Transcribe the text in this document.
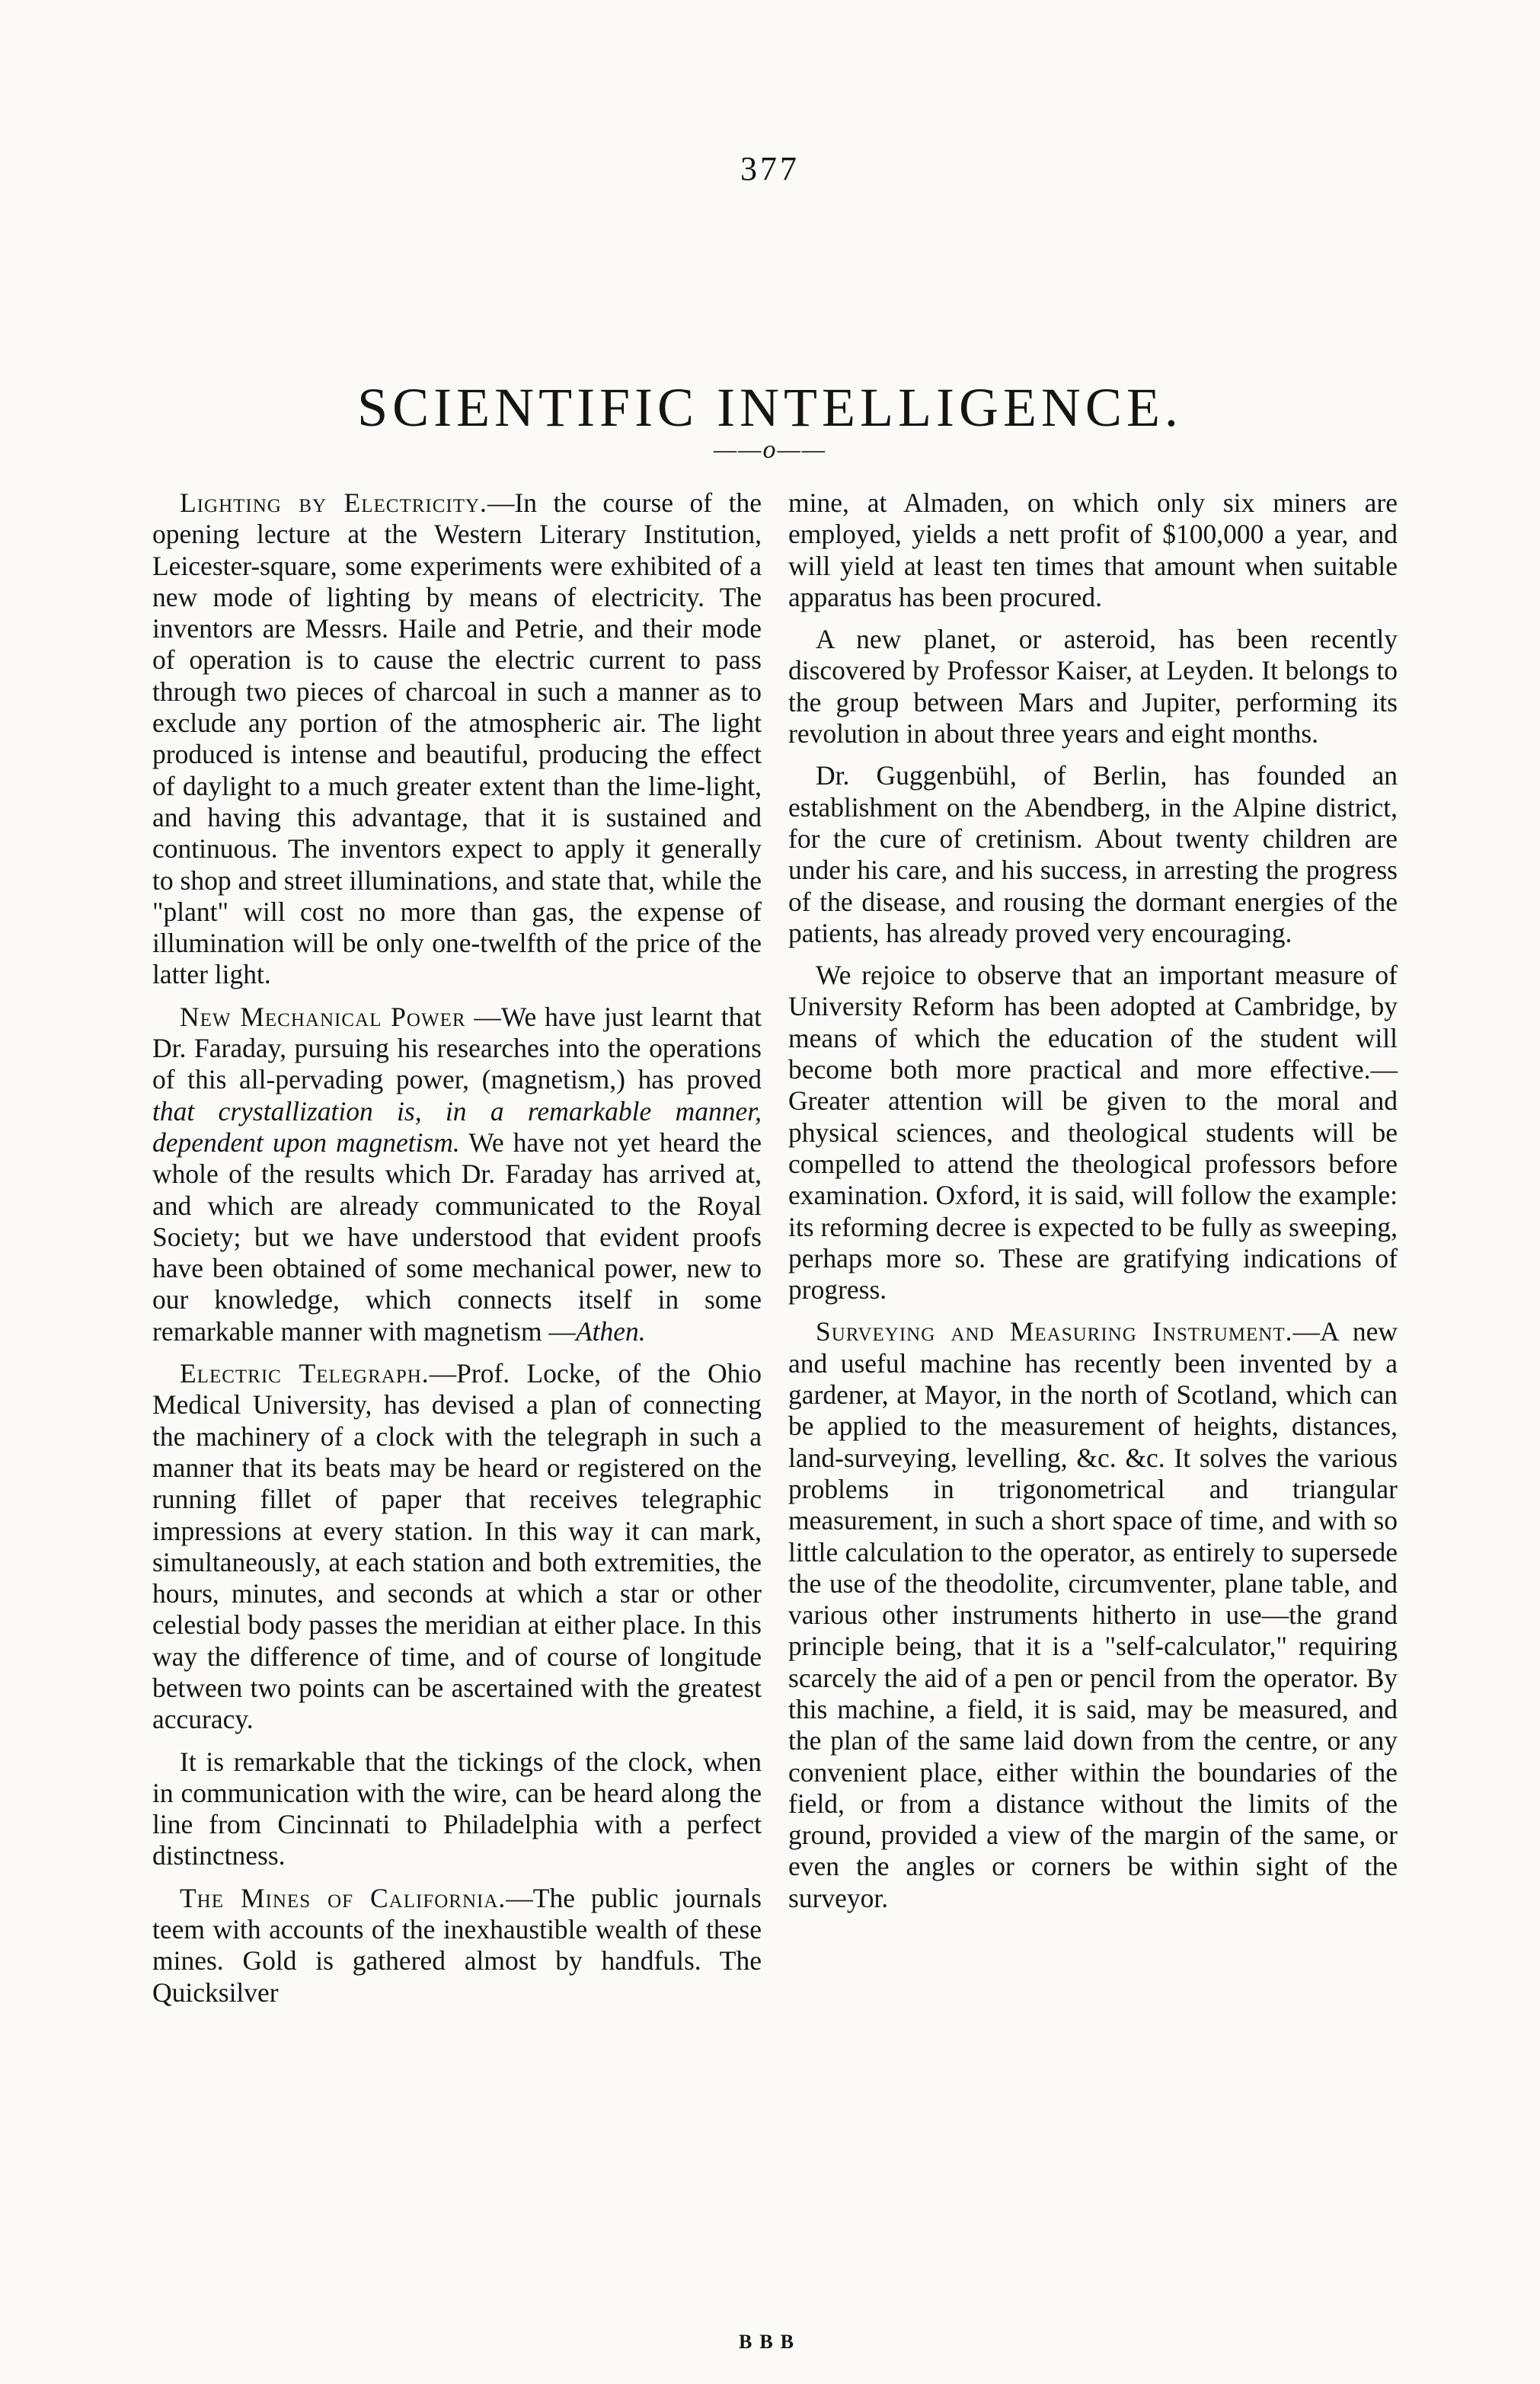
377
SCIENTIFIC INTELLIGENCE.
——o——

Lighting by Electricity.—In the course of the opening lecture at the Western Literary Institution, Leicester-square, some experiments were exhibited of a new mode of lighting by means of electricity. The inventors are Messrs. Haile and Petrie, and their mode of operation is to cause the electric current to pass through two pieces of charcoal in such a manner as to exclude any portion of the atmospheric air. The light produced is intense and beautiful, producing the effect of daylight to a much greater extent than the lime-light, and having this advantage, that it is sustained and continuous. The inventors expect to apply it generally to shop and street illuminations, and state that, while the "plant" will cost no more than gas, the expense of illumination will be only one-twelfth of the price of the latter light.

New Mechanical Power —We have just learnt that Dr. Faraday, pursuing his researches into the operations of this all-pervading power, (magnetism,) has proved that crystallization is, in a remarkable manner, dependent upon magnetism. We have not yet heard the whole of the results which Dr. Faraday has arrived at, and which are already communicated to the Royal Society; but we have understood that evident proofs have been obtained of some mechanical power, new to our knowledge, which connects itself in some remarkable manner with magnetism —Athen.

Electric Telegraph.—Prof. Locke, of the Ohio Medical University, has devised a plan of connecting the machinery of a clock with the telegraph in such a manner that its beats may be heard or registered on the running fillet of paper that receives telegraphic impressions at every station. In this way it can mark, simultaneously, at each station and both extremities, the hours, minutes, and seconds at which a star or other celestial body passes the meridian at either place. In this way the difference of time, and of course of longitude between two points can be ascertained with the greatest accuracy.

It is remarkable that the tickings of the clock, when in communication with the wire, can be heard along the line from Cincinnati to Philadelphia with a perfect distinctness.

The Mines of California.—The public journals teem with accounts of the inexhaustible wealth of these mines. Gold is gathered almost by handfuls. The Quicksilver

mine, at Almaden, on which only six miners are employed, yields a nett profit of $100,000 a year, and will yield at least ten times that amount when suitable apparatus has been procured.

A new planet, or asteroid, has been recently discovered by Professor Kaiser, at Leyden. It belongs to the group between Mars and Jupiter, performing its revolution in about three years and eight months.

Dr. Guggenbühl, of Berlin, has founded an establishment on the Abendberg, in the Alpine district, for the cure of cretinism. About twenty children are under his care, and his success, in arresting the progress of the disease, and rousing the dormant energies of the patients, has already proved very encouraging.

We rejoice to observe that an important measure of University Reform has been adopted at Cambridge, by means of which the education of the student will become both more practical and more effective.—Greater attention will be given to the moral and physical sciences, and theological students will be compelled to attend the theological professors before examination. Oxford, it is said, will follow the example: its reforming decree is expected to be fully as sweeping, perhaps more so. These are gratifying indications of progress.

Surveying and Measuring Instrument.—A new and useful machine has recently been invented by a gardener, at Mayor, in the north of Scotland, which can be applied to the measurement of heights, distances, land-surveying, levelling, &c. &c. It solves the various problems in trigonometrical and triangular measurement, in such a short space of time, and with so little calculation to the operator, as entirely to supersede the use of the theodolite, circumventer, plane table, and various other instruments hitherto in use—the grand principle being, that it is a "self-calculator," requiring scarcely the aid of a pen or pencil from the operator. By this machine, a field, it is said, may be measured, and the plan of the same laid down from the centre, or any convenient place, either within the boundaries of the field, or from a distance without the limits of the ground, provided a view of the margin of the same, or even the angles or corners be within sight of the surveyor.

BBB
